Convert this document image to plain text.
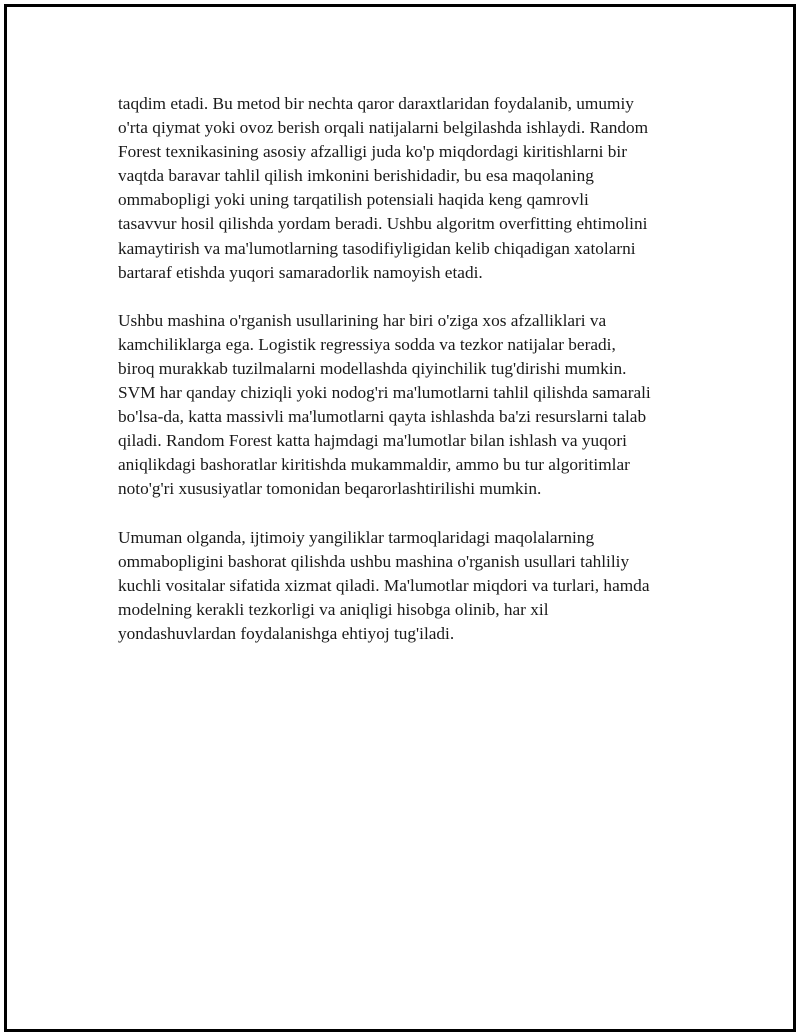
taqdim etadi. Bu metod bir nechta qaror daraxtlaridan foydalanib, umumiy
o'rta qiymat yoki ovoz berish orqali natijalarni belgilashda ishlaydi. Random
Forest texnikasining asosiy afzalligi juda ko'p miqdordagi kiritishlarni bir
vaqtda baravar tahlil qilish imkonini berishidadir, bu esa maqolaning
ommabopligi yoki uning tarqatilish potensiali haqida keng qamrovli
tasavvur hosil qilishda yordam beradi. Ushbu algoritm overfitting ehtimolini
kamaytirish va ma'lumotlarning tasodifiyligidan kelib chiqadigan xatolarni
bartaraf etishda yuqori samaradorlik namoyish etadi.

Ushbu mashina o'rganish usullarining har biri o'ziga xos afzalliklari va
kamchiliklarga ega. Logistik regressiya sodda va tezkor natijalar beradi,
biroq murakkab tuzilmalarni modellashda qiyinchilik tug'dirishi mumkin.
SVM har qanday chiziqli yoki nodog'ri ma'lumotlarni tahlil qilishda samarali
bo'lsa-da, katta massivli ma'lumotlarni qayta ishlashda ba'zi resurslarni talab
qiladi. Random Forest katta hajmdagi ma'lumotlar bilan ishlash va yuqori
aniqlikdagi bashoratlar kiritishda mukammaldir, ammo bu tur algoritimlar
noto'g'ri xususiyatlar tomonidan beqarorlashtirilishi mumkin.

Umuman olganda, ijtimoiy yangiliklar tarmoqlaridagi maqolalarning
ommabopligini bashorat qilishda ushbu mashina o'rganish usullari tahliliy
kuchli vositalar sifatida xizmat qiladi. Ma'lumotlar miqdori va turlari, hamda
modelning kerakli tezkorligi va aniqligi hisobga olinib, har xil
yondashuvlardan foydalanishga ehtiyoj tug'iladi.
